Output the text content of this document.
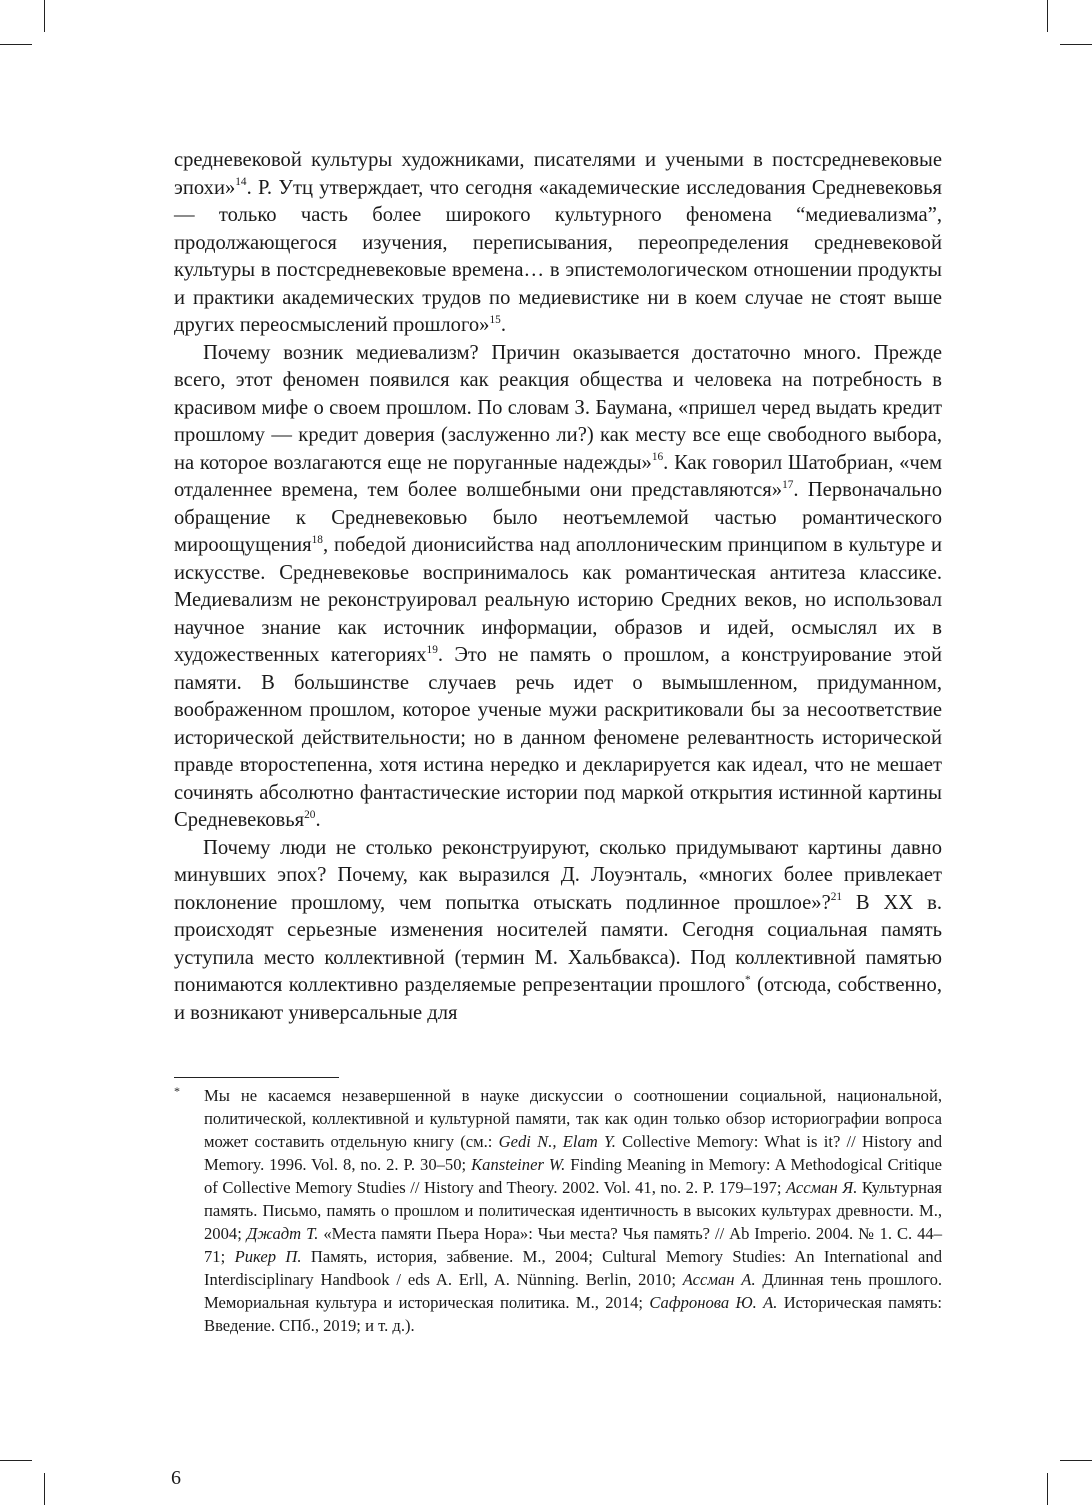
средневековой культуры художниками, писателями и учеными в постсредневековые эпохи»$^{14}$. Р. Утц утверждает, что сегодня «академические исследования Средневековья — только часть более широкого культурного феномена “медиевализма”, продолжающегося изучения, переписывания, переопределения средневековой культуры в постсредневековые времена… в эпистемологическом отношении продукты и практики академических трудов по медиевистике ни в коем случае не стоят выше других переосмыслений прошлого»$^{15}$.

Почему возник медиевализм? Причин оказывается достаточно много. Прежде всего, этот феномен появился как реакция общества и человека на потребность в красивом мифе о своем прошлом. По словам З. Баумана, «пришел черед выдать кредит прошлому — кредит доверия (заслуженно ли?) как месту все еще свободного выбора, на которое возлагаются еще не поруганные надежды»$^{16}$. Как говорил Шатобриан, «чем отдаленнее времена, тем более волшебными они представляются»$^{17}$. Первоначально обращение к Средневековью было неотъемлемой частью романтического мироощущения$^{18}$, победой дионисийства над аполлоническим принципом в культуре и искусстве. Средневековье воспринималось как романтическая антитеза классике. Медиевализм не реконструировал реальную историю Средних веков, но использовал научное знание как источник информации, образов и идей, осмыслял их в художественных категориях$^{19}$. Это не память о прошлом, а конструирование этой памяти. В большинстве случаев речь идет о вымышленном, придуманном, воображенном прошлом, которое ученые мужи раскритиковали бы за несоответствие исторической действительности; но в данном феномене релевантность исторической правде второстепенна, хотя истина нередко и декларируется как идеал, что не мешает сочинять абсолютно фантастические истории под маркой открытия истинной картины Средневековья$^{20}$.

Почему люди не столько реконструируют, сколько придумывают картины давно минувших эпох? Почему, как выразился Д. Лоуэнталь, «многих более привлекает поклонение прошлому, чем попытка отыскать подлинное прошлое»?$^{21}$ В XX в. происходят серьезные изменения носителей памяти. Сегодня социальная память уступила место коллективной (термин М. Хальбвакса). Под коллективной памятью понимаются коллективно разделяемые репрезентации прошлого* (отсюда, собственно, и возникают универсальные для

* Мы не касаемся незавершенной в науке дискуссии о соотношении социальной, национальной, политической, коллективной и культурной памяти, так как один только обзор историографии вопроса может составить отдельную книгу (см.: Gedi N., Elam Y. Collective Memory: What is it? // History and Memory. 1996. Vol. 8, no. 2. P. 30–50; Kansteiner W. Finding Meaning in Memory: A Methodogical Critique of Collective Memory Studies // History and Theory. 2002. Vol. 41, no. 2. P. 179–197; Ассман Я. Культурная память. Письмо, память о прошлом и политическая идентичность в высоких культурах древности. М., 2004; Джадт Т. «Места памяти Пьера Нора»: Чьи места? Чья память? // Ab Imperio. 2004. № 1. С. 44–71; Рикер П. Память, история, забвение. М., 2004; Cultural Memory Studies: An International and Interdisciplinary Handbook / eds A. Erll, A. Nünning. Berlin, 2010; Ассман А. Длинная тень прошлого. Мемориальная культура и историческая политика. М., 2014; Сафронова Ю. А. Историческая память: Введение. СПб., 2019; и т. д.).
6
